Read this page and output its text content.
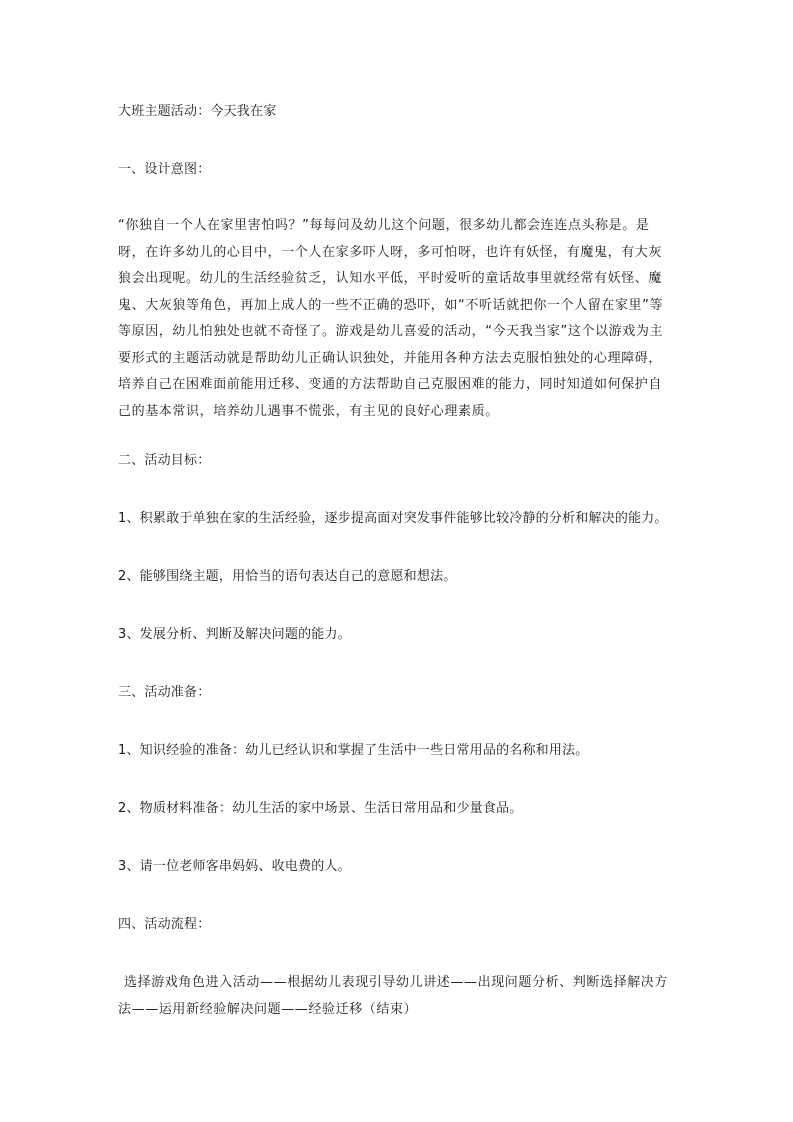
大班主题活动：今天我在家
一、设计意图：
“你独自一个人在家里害怕吗？”每每问及幼儿这个问题，很多幼儿都会连连点头称是。是呀，在许多幼儿的心目中，一个人在家多吓人呀，多可怕呀，也许有妖怪，有魔鬼，有大灰狼会出现呢。幼儿的生活经验贫乏，认知水平低，平时爱听的童话故事里就经常有妖怪、魔鬼、大灰狼等角色，再加上成人的一些不正确的恐吓，如“不听话就把你一个人留在家里”等等原因，幼儿怕独处也就不奇怪了。游戏是幼儿喜爱的活动，“今天我当家”这个以游戏为主要形式的主题活动就是帮助幼儿正确认识独处，并能用各种方法去克服怕独处的心理障碍，培养自己在困难面前能用迁移、变通的方法帮助自己克服困难的能力，同时知道如何保护自己的基本常识，培养幼儿遇事不慌张，有主见的良好心理素质。
二、活动目标：
1、积累敢于单独在家的生活经验，逐步提高面对突发事件能够比较冷静的分析和解决的能力。
2、能够围绕主题，用恰当的语句表达自己的意愿和想法。
3、发展分析、判断及解决问题的能力。
三、活动准备：
1、知识经验的准备：幼儿已经认识和掌握了生活中一些日常用品的名称和用法。
2、物质材料准备：幼儿生活的家中场景、生活日常用品和少量食品。
3、请一位老师客串妈妈、收电费的人。
四、活动流程：
选择游戏角色进入活动——根据幼儿表现引导幼儿讲述——出现问题分析、判断选择解决方法——运用新经验解决问题——经验迁移（结束）
